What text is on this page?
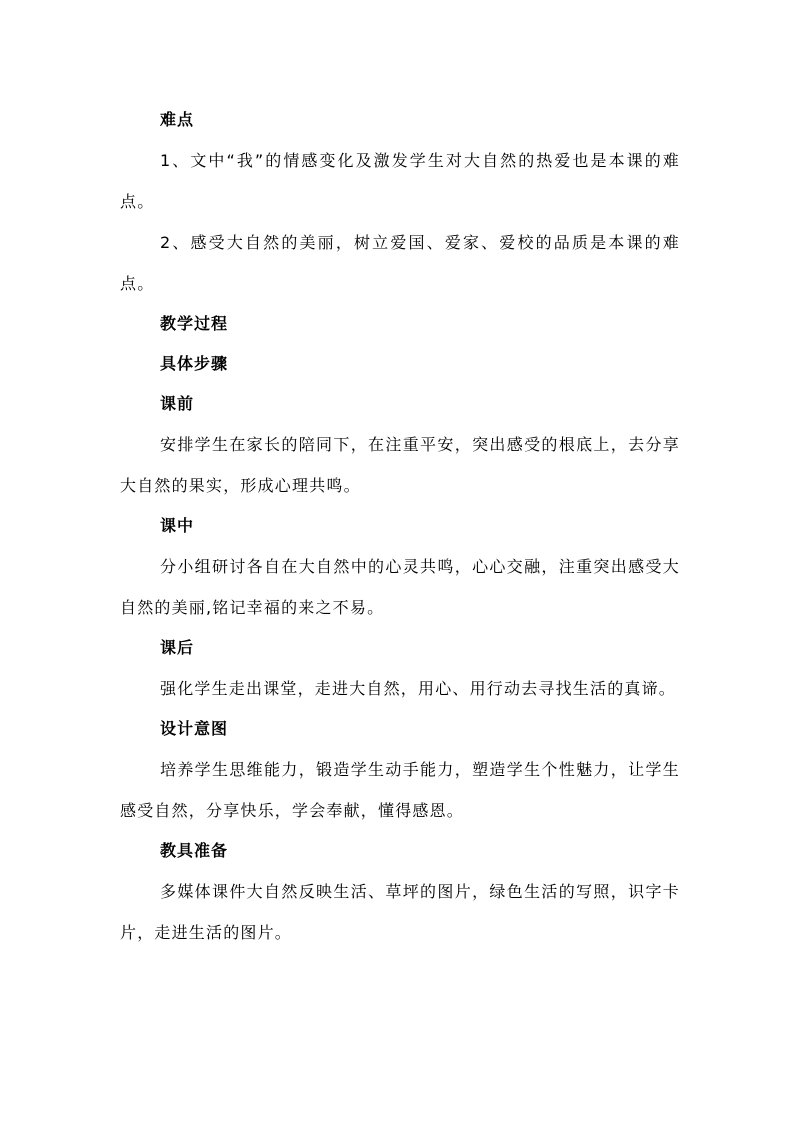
难点

1、文中“我”的情感变化及激发学生对大自然的热爱也是本课的难点。

2、感受大自然的美丽，树立爱国、爱家、爱校的品质是本课的难点。

教学过程

具体步骤

课前

安排学生在家长的陪同下，在注重平安，突出感受的根底上，去分享大自然的果实，形成心理共鸣。

课中

分小组研讨各自在大自然中的心灵共鸣，心心交融，注重突出感受大自然的美丽,铭记幸福的来之不易。

课后

强化学生走出课堂，走进大自然，用心、用行动去寻找生活的真谛。

设计意图

培养学生思维能力，锻造学生动手能力，塑造学生个性魅力，让学生感受自然，分享快乐，学会奉献，懂得感恩。

教具准备

多媒体课件大自然反映生活、草坪的图片，绿色生活的写照，识字卡片，走进生活的图片。
